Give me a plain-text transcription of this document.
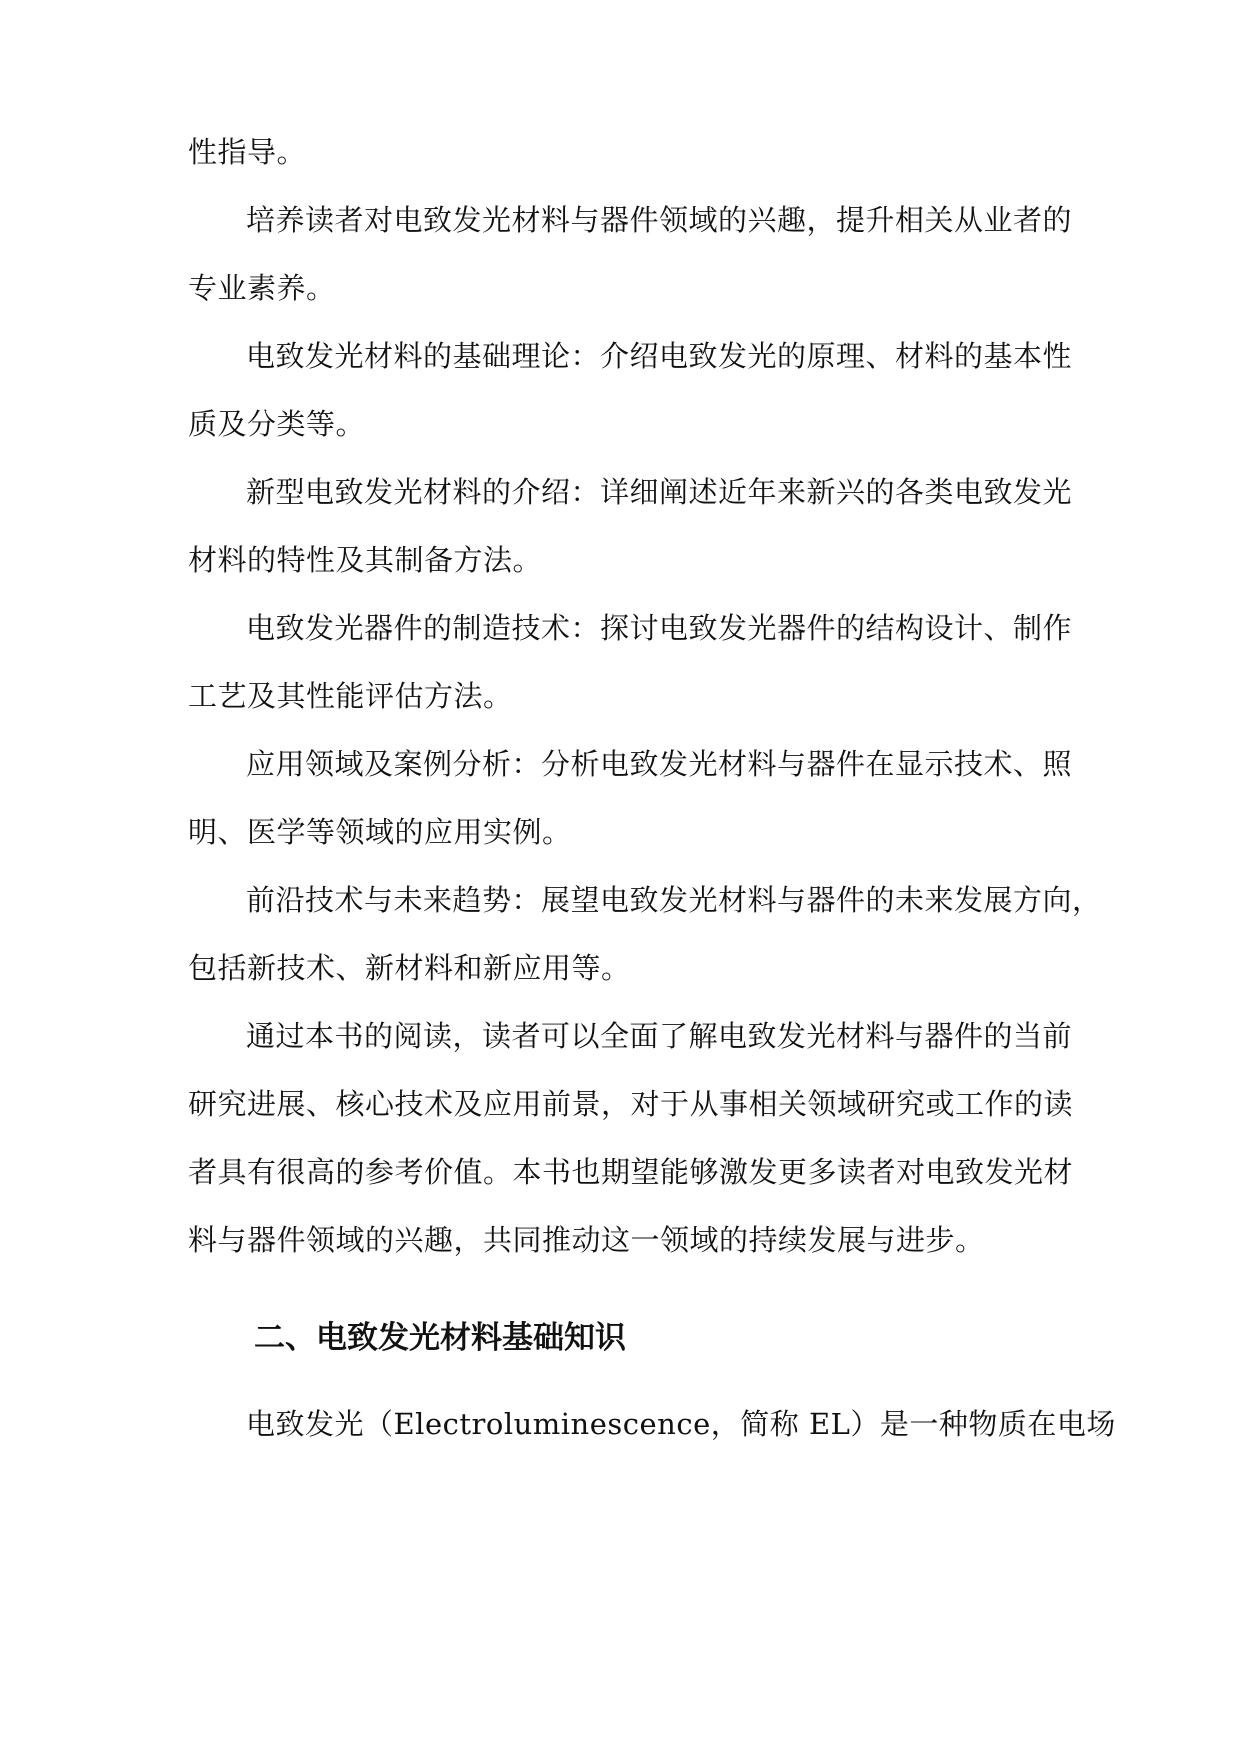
性指导。
培养读者对电致发光材料与器件领域的兴趣，提升相关从业者的
专业素养。
电致发光材料的基础理论：介绍电致发光的原理、材料的基本性
质及分类等。
新型电致发光材料的介绍：详细阐述近年来新兴的各类电致发光
材料的特性及其制备方法。
电致发光器件的制造技术：探讨电致发光器件的结构设计、制作
工艺及其性能评估方法。
应用领域及案例分析：分析电致发光材料与器件在显示技术、照
明、医学等领域的应用实例。
前沿技术与未来趋势：展望电致发光材料与器件的未来发展方向，
包括新技术、新材料和新应用等。
通过本书的阅读，读者可以全面了解电致发光材料与器件的当前
研究进展、核心技术及应用前景，对于从事相关领域研究或工作的读
者具有很高的参考价值。本书也期望能够激发更多读者对电致发光材
料与器件领域的兴趣，共同推动这一领域的持续发展与进步。
二、电致发光材料基础知识
电致发光（Electroluminescence，简称 EL）是一种物质在电场
